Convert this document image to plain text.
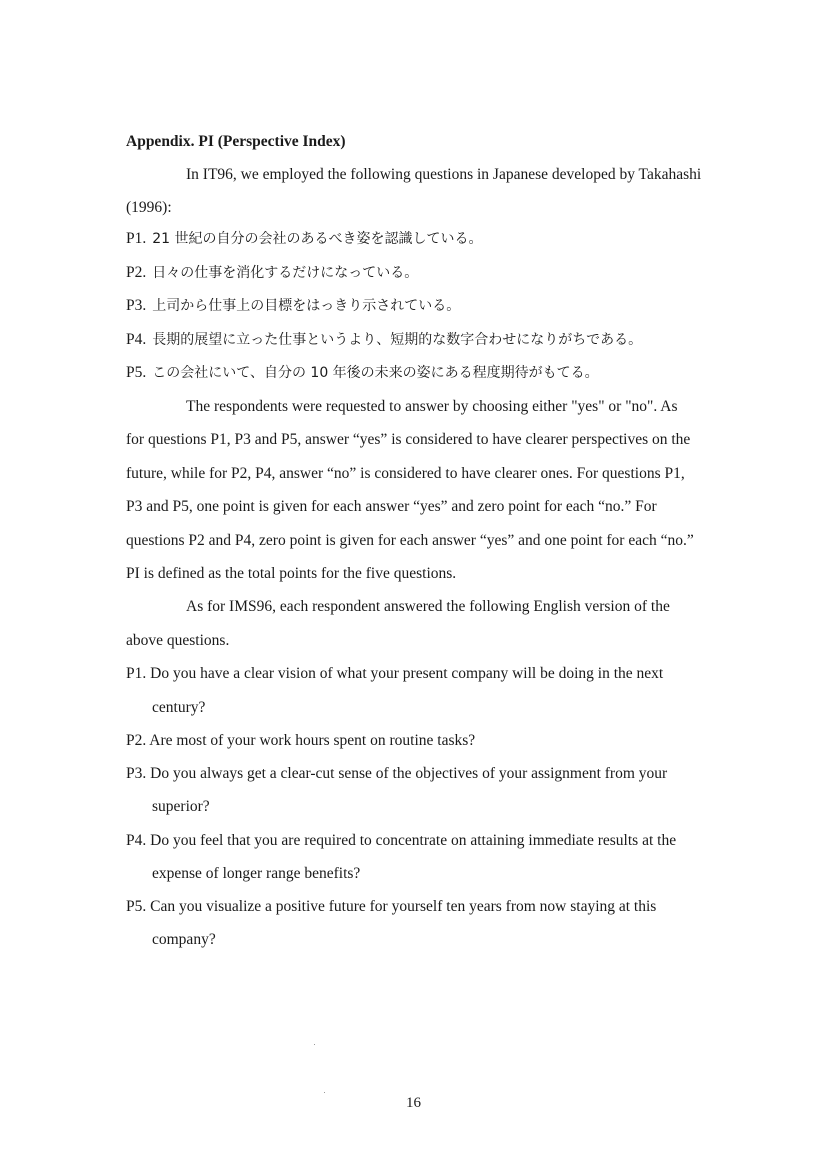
Appendix. PI (Perspective Index)
In IT96, we employed the following questions in Japanese developed by Takahashi
(1996):
P1. 21 世紀の自分の会社のあるべき姿を認識している。
P2. 日々の仕事を消化するだけになっている。
P3. 上司から仕事上の目標をはっきり示されている。
P4. 長期的展望に立った仕事というより、短期的な数字合わせになりがちである。
P5. この会社にいて、自分の 10 年後の未来の姿にある程度期待がもてる。
The respondents were requested to answer by choosing either "yes" or "no". As
for questions P1, P3 and P5, answer “yes” is considered to have clearer perspectives on the
future, while for P2, P4, answer “no” is considered to have clearer ones. For questions P1,
P3 and P5, one point is given for each answer “yes” and zero point for each “no.” For
questions P2 and P4, zero point is given for each answer “yes” and one point for each “no.”
PI is defined as the total points for the five questions.
As for IMS96, each respondent answered the following English version of the
above questions.
P1. Do you have a clear vision of what your present company will be doing in the next
century?
P2. Are most of your work hours spent on routine tasks?
P3. Do you always get a clear-cut sense of the objectives of your assignment from your
superior?
P4. Do you feel that you are required to concentrate on attaining immediate results at the
expense of longer range benefits?
P5. Can you visualize a positive future for yourself ten years from now staying at this
company?
16
